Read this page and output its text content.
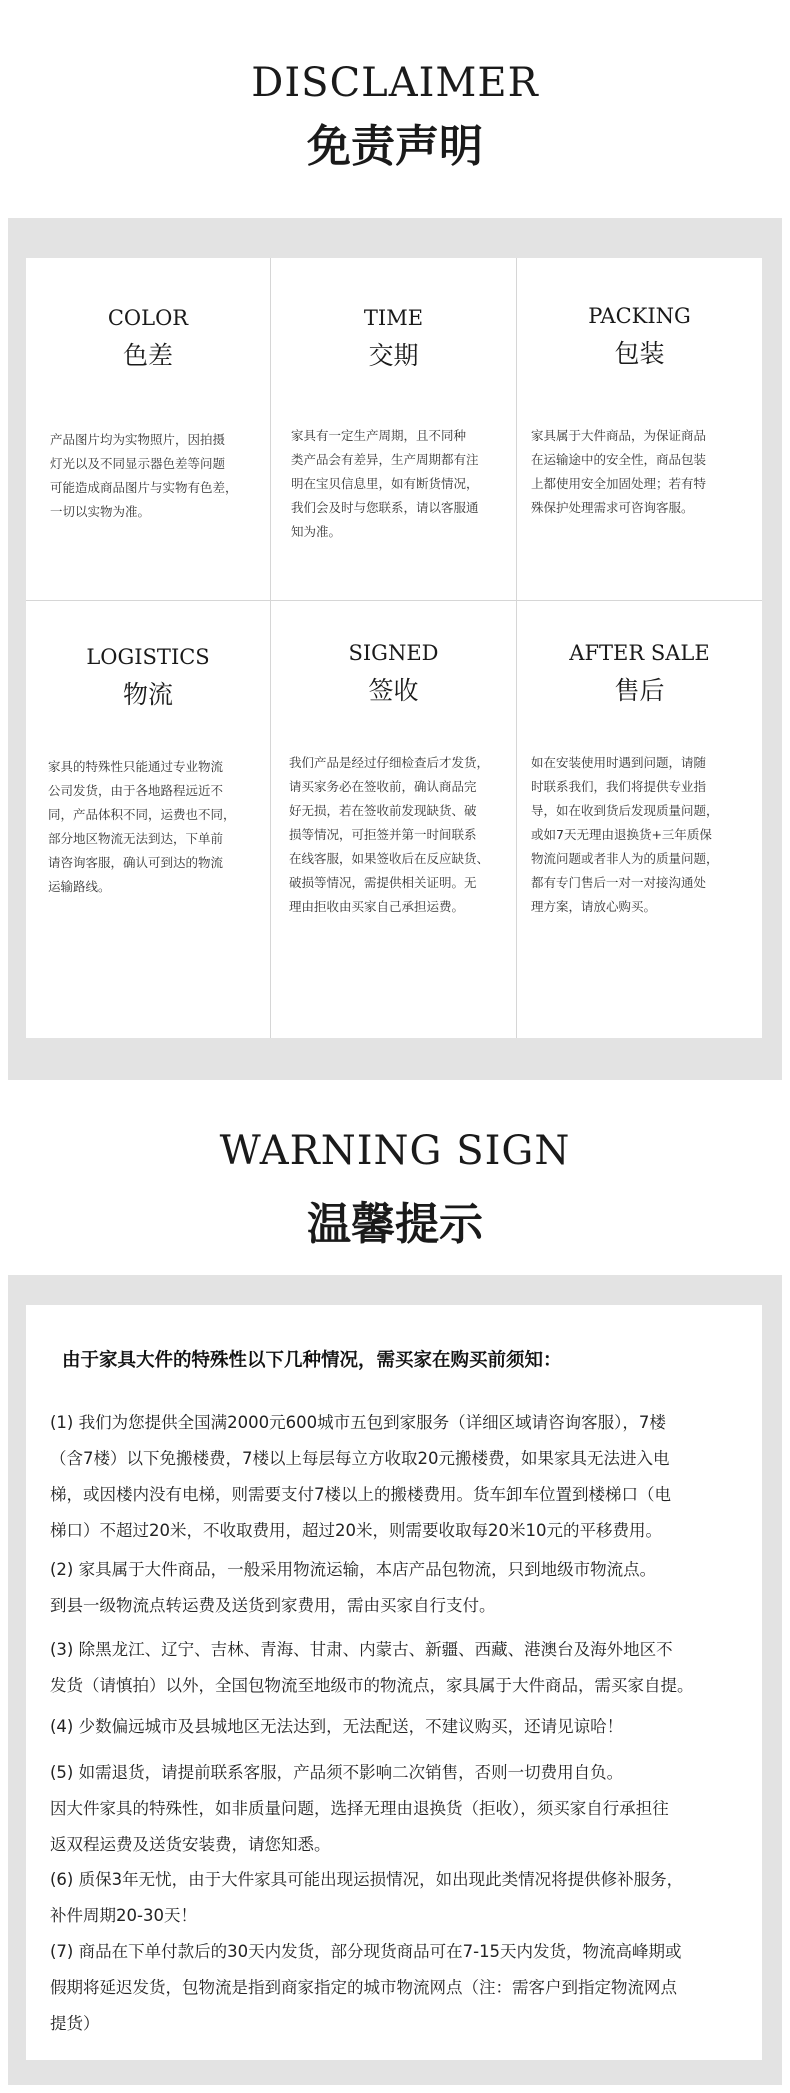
DISCLAIMER
免责声明
COLOR
色差
产品图片均为实物照片，因拍摄
灯光以及不同显示器色差等问题
可能造成商品图片与实物有色差，
一切以实物为准。
TIME
交期
家具有一定生产周期，且不同种
类产品会有差异，生产周期都有注
明在宝贝信息里，如有断货情况，
我们会及时与您联系，请以客服通
知为准。
PACKING
包装
家具属于大件商品，为保证商品
在运输途中的安全性，商品包装
上都使用安全加固处理；若有特
殊保护处理需求可咨询客服。
LOGISTICS
物流
家具的特殊性只能通过专业物流
公司发货，由于各地路程远近不
同，产品体积不同，运费也不同，
部分地区物流无法到达，下单前
请咨询客服，确认可到达的物流
运输路线。
SIGNED
签收
我们产品是经过仔细检查后才发货，
请买家务必在签收前，确认商品完
好无损，若在签收前发现缺货、破
损等情况，可拒签并第一时间联系
在线客服，如果签收后在反应缺货、
破损等情况，需提供相关证明。无
理由拒收由买家自己承担运费。
AFTER SALE
售后
如在安装使用时遇到问题，请随
时联系我们，我们将提供专业指
导，如在收到货后发现质量问题，
或如7天无理由退换货+三年质保
物流问题或者非人为的质量问题，
都有专门售后一对一对接沟通处
理方案，请放心购买。
WARNING SIGN
温馨提示
由于家具大件的特殊性以下几种情况，需买家在购买前须知：
(1) 我们为您提供全国满2000元600城市五包到家服务（详细区域请咨询客服），7楼
（含7楼）以下免搬楼费，7楼以上每层每立方收取20元搬楼费，如果家具无法进入电
梯，或因楼内没有电梯，则需要支付7楼以上的搬楼费用。货车卸车位置到楼梯口（电
梯口）不超过20米，不收取费用，超过20米，则需要收取每20米10元的平移费用。
(2) 家具属于大件商品，一般采用物流运输，本店产品包物流，只到地级市物流点。
到县一级物流点转运费及送货到家费用，需由买家自行支付。
(3) 除黑龙江、辽宁、吉林、青海、甘肃、内蒙古、新疆、西藏、港澳台及海外地区不
发货（请慎拍）以外，全国包物流至地级市的物流点，家具属于大件商品，需买家自提。
(4) 少数偏远城市及县城地区无法达到，无法配送，不建议购买，还请见谅哈！
(5) 如需退货，请提前联系客服，产品须不影响二次销售，否则一切费用自负。
因大件家具的特殊性，如非质量问题，选择无理由退换货（拒收），须买家自行承担往
返双程运费及送货安装费，请您知悉。
(6) 质保3年无忧，由于大件家具可能出现运损情况，如出现此类情况将提供修补服务，
补件周期20-30天！
(7) 商品在下单付款后的30天内发货，部分现货商品可在7-15天内发货，物流高峰期或
假期将延迟发货，包物流是指到商家指定的城市物流网点（注：需客户到指定物流网点
提货）
